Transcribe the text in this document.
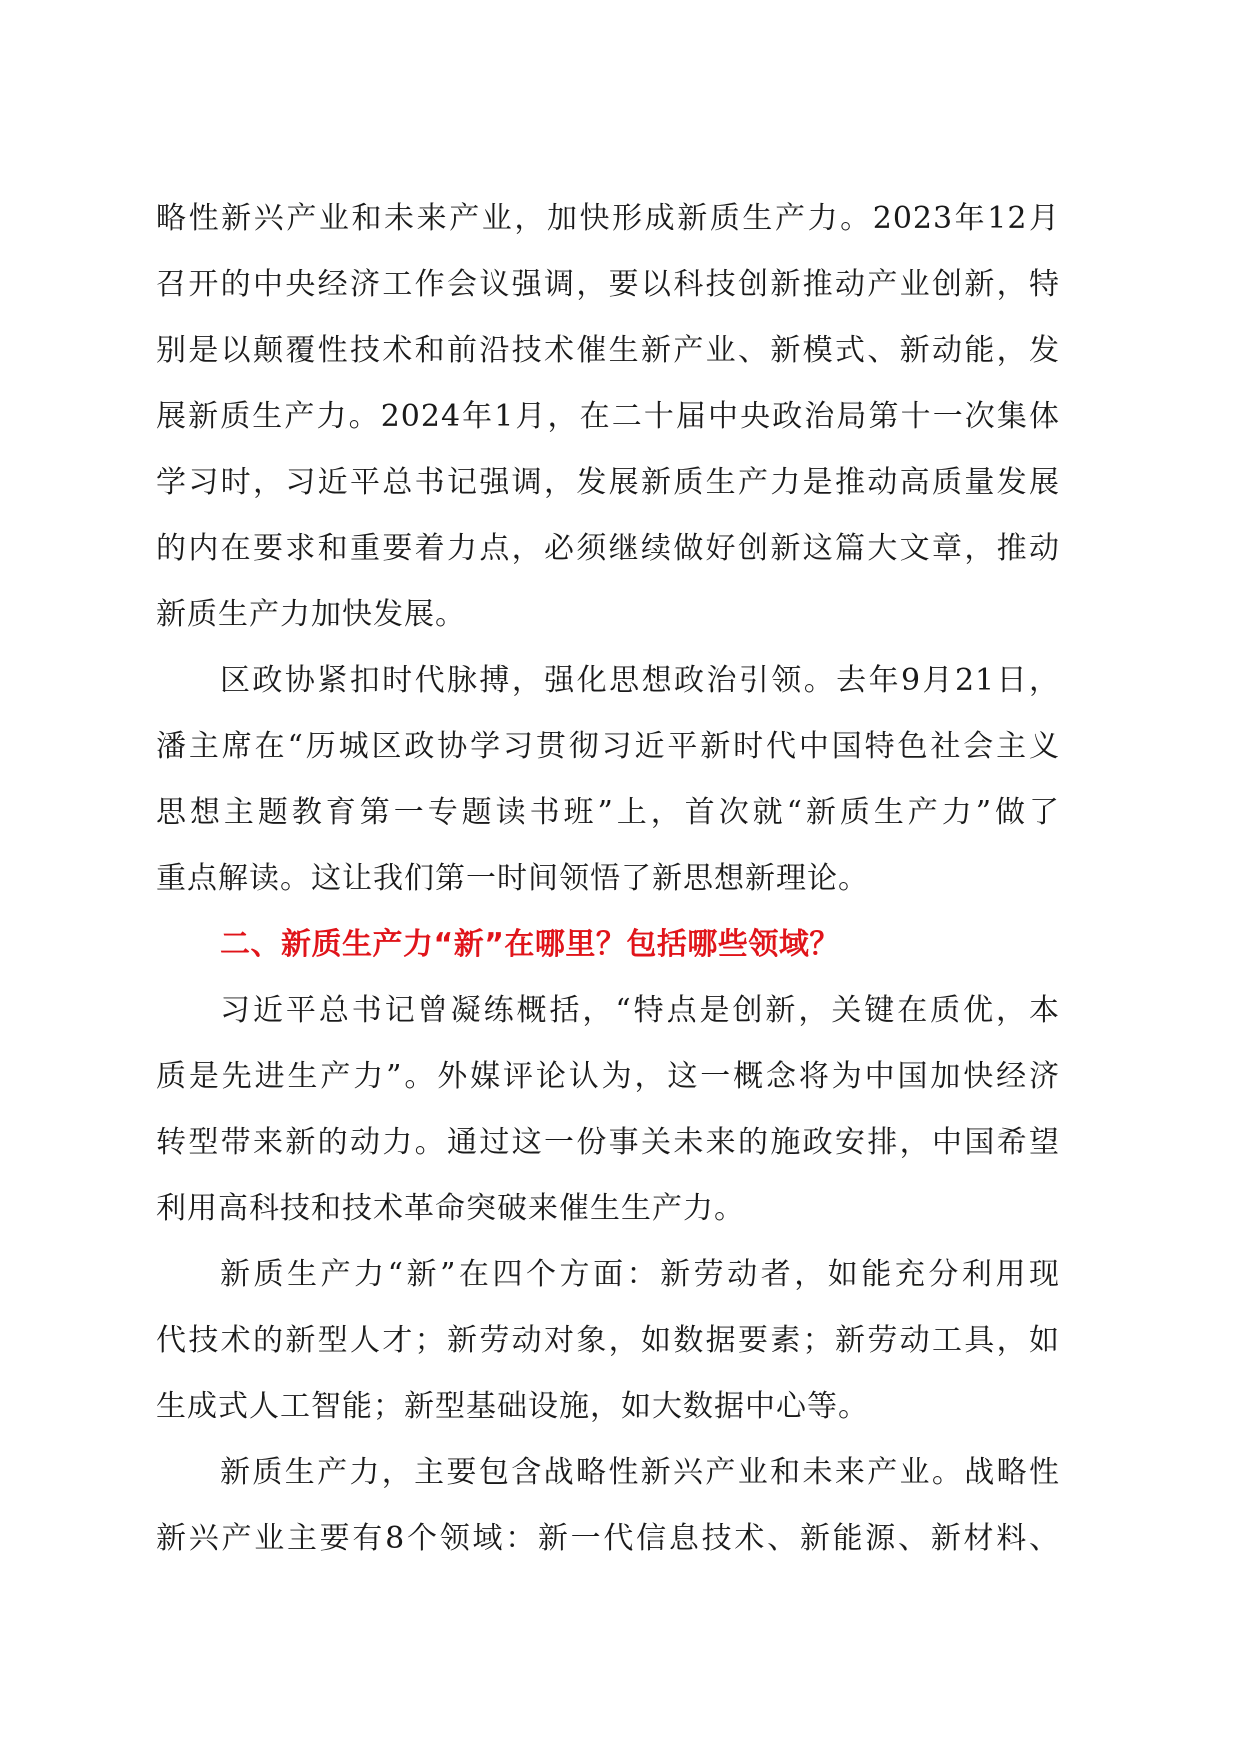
略性新兴产业和未来产业，加快形成新质生产力。2023年12月
召开的中央经济工作会议强调，要以科技创新推动产业创新，特
别是以颠覆性技术和前沿技术催生新产业、新模式、新动能，发
展新质生产力。2024年1月，在二十届中央政治局第十一次集体
学习时，习近平总书记强调，发展新质生产力是推动高质量发展
的内在要求和重要着力点，必须继续做好创新这篇大文章，推动
新质生产力加快发展。
区政协紧扣时代脉搏，强化思想政治引领。去年9月21日，
潘主席在“历城区政协学习贯彻习近平新时代中国特色社会主义
思想主题教育第一专题读书班”上，首次就“新质生产力”做了
重点解读。这让我们第一时间领悟了新思想新理论。
二、新质生产力“新”在哪里？包括哪些领域？
习近平总书记曾凝练概括，“特点是创新，关键在质优，本
质是先进生产力”。外媒评论认为，这一概念将为中国加快经济
转型带来新的动力。通过这一份事关未来的施政安排，中国希望
利用高科技和技术革命突破来催生生产力。
新质生产力“新”在四个方面：新劳动者，如能充分利用现
代技术的新型人才；新劳动对象，如数据要素；新劳动工具，如
生成式人工智能；新型基础设施，如大数据中心等。
新质生产力，主要包含战略性新兴产业和未来产业。战略性
新兴产业主要有8个领域：新一代信息技术、新能源、新材料、
